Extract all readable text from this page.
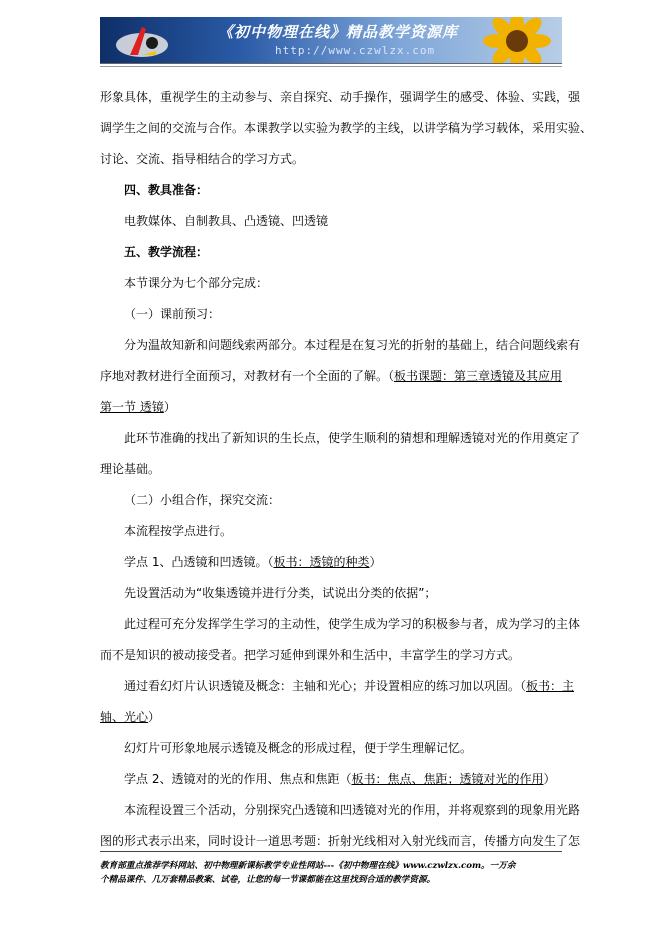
《初中物理在线》精品教学资源库
http://www.czwlzx.com
形象具体，重视学生的主动参与、亲自探究、动手操作，强调学生的感受、体验、实践，强
调学生之间的交流与合作。本课教学以实验为教学的主线，以讲学稿为学习载体，采用实验、
讨论、交流、指导相结合的学习方式。
四、教具准备：
电教媒体、自制教具、凸透镜、凹透镜
五、教学流程：
本节课分为七个部分完成：
（一）课前预习：
分为温故知新和问题线索两部分。本过程是在复习光的折射的基础上，结合问题线索有
序地对教材进行全面预习，对教材有一个全面的了解。（板书课题：第三章透镜及其应用
第一节 透镜）
此环节准确的找出了新知识的生长点，使学生顺利的猜想和理解透镜对光的作用奠定了
理论基础。
（二）小组合作，探究交流：
本流程按学点进行。
学点 1、凸透镜和凹透镜。（板书：透镜的种类）
先设置活动为“收集透镜并进行分类，试说出分类的依据”；
此过程可充分发挥学生学习的主动性，使学生成为学习的积极参与者，成为学习的主体
而不是知识的被动接受者。把学习延伸到课外和生活中，丰富学生的学习方式。
通过看幻灯片认识透镜及概念：主轴和光心；并设置相应的练习加以巩固。（板书：主
轴、光心）
幻灯片可形象地展示透镜及概念的形成过程，便于学生理解记忆。
学点 2、透镜对的光的作用、焦点和焦距（板书：焦点、焦距；透镜对光的作用）
本流程设置三个活动，分别探究凸透镜和凹透镜对光的作用，并将观察到的现象用光路
图的形式表示出来，同时设计一道思考题：折射光线相对入射光线而言，传播方向发生了怎
教育部重点推荐学科网站、初中物理新课标教学专业性网站---《初中物理在线》www.czwlzx.com。一万余
个精品课件、几万套精品教案、试卷，让您的每一节课都能在这里找到合适的教学资源。
